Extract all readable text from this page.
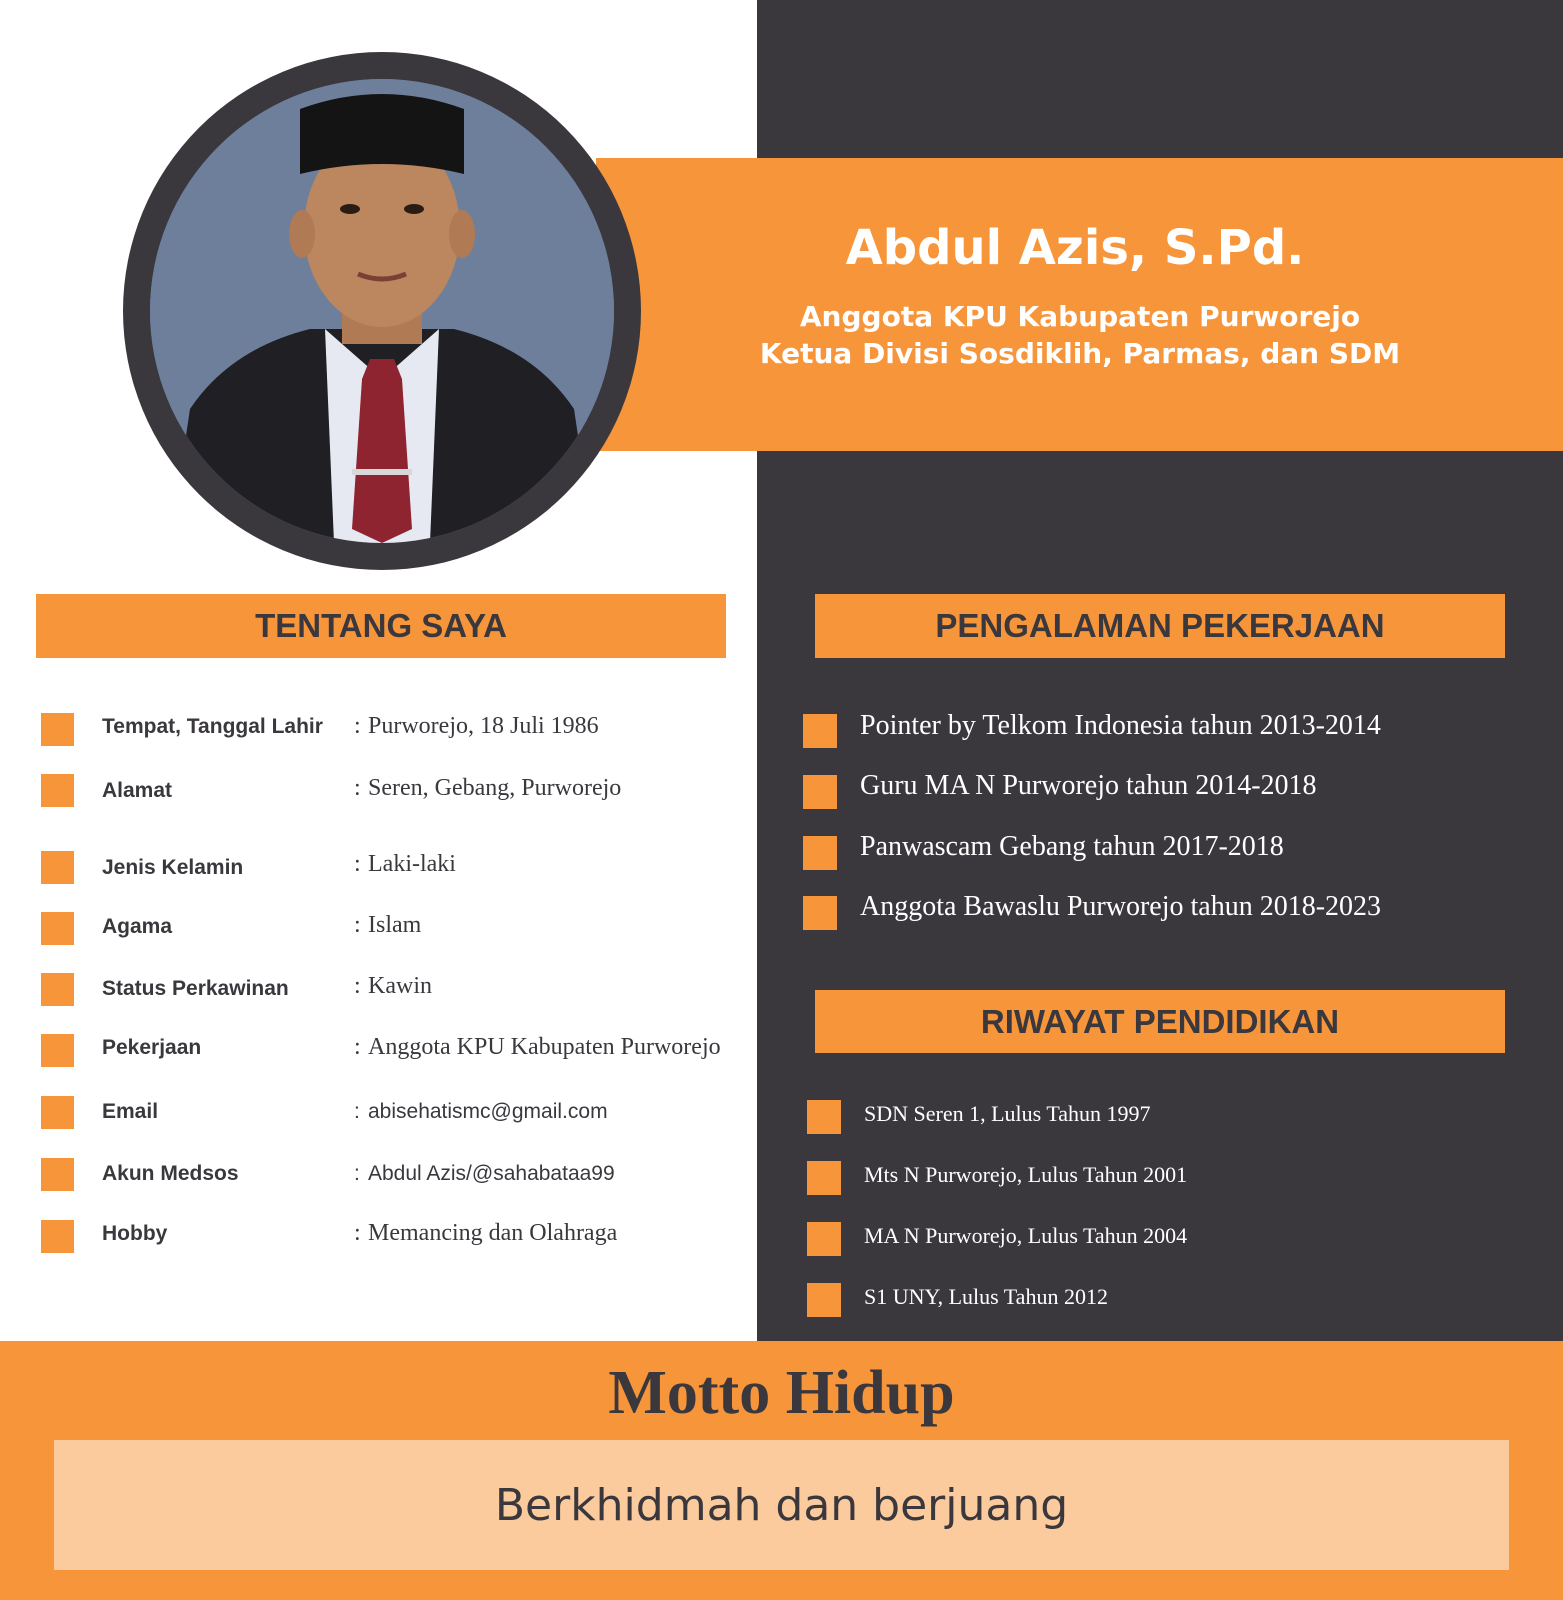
Abdul Azis, S.Pd.
Anggota KPU Kabupaten Purworejo
Ketua Divisi Sosdiklih, Parmas, dan SDM
TENTANG SAYA
Tempat, Tanggal Lahir : Purworejo, 18 Juli 1986
Alamat	: Seren, Gebang, Purworejo
Jenis Kelamin	: Laki-laki
Agama	: Islam
Status Perkawinan	: Kawin
Pekerjaan	: Anggota KPU Kabupaten Purworejo
Email	: abisehatismc@gmail.com
Akun Medsos	: Abdul Azis/@sahabataa99
Hobby	: Memancing dan Olahraga
PENGALAMAN PEKERJAAN
Pointer by Telkom Indonesia tahun 2013-2014
Guru MA N Purworejo tahun 2014-2018
Panwascam Gebang tahun 2017-2018
Anggota Bawaslu Purworejo tahun 2018-2023
RIWAYAT PENDIDIKAN
SDN Seren 1, Lulus Tahun 1997
Mts N Purworejo, Lulus Tahun 2001
MA N Purworejo, Lulus Tahun 2004
S1 UNY, Lulus Tahun 2012
Motto Hidup
Berkhidmah dan berjuang
